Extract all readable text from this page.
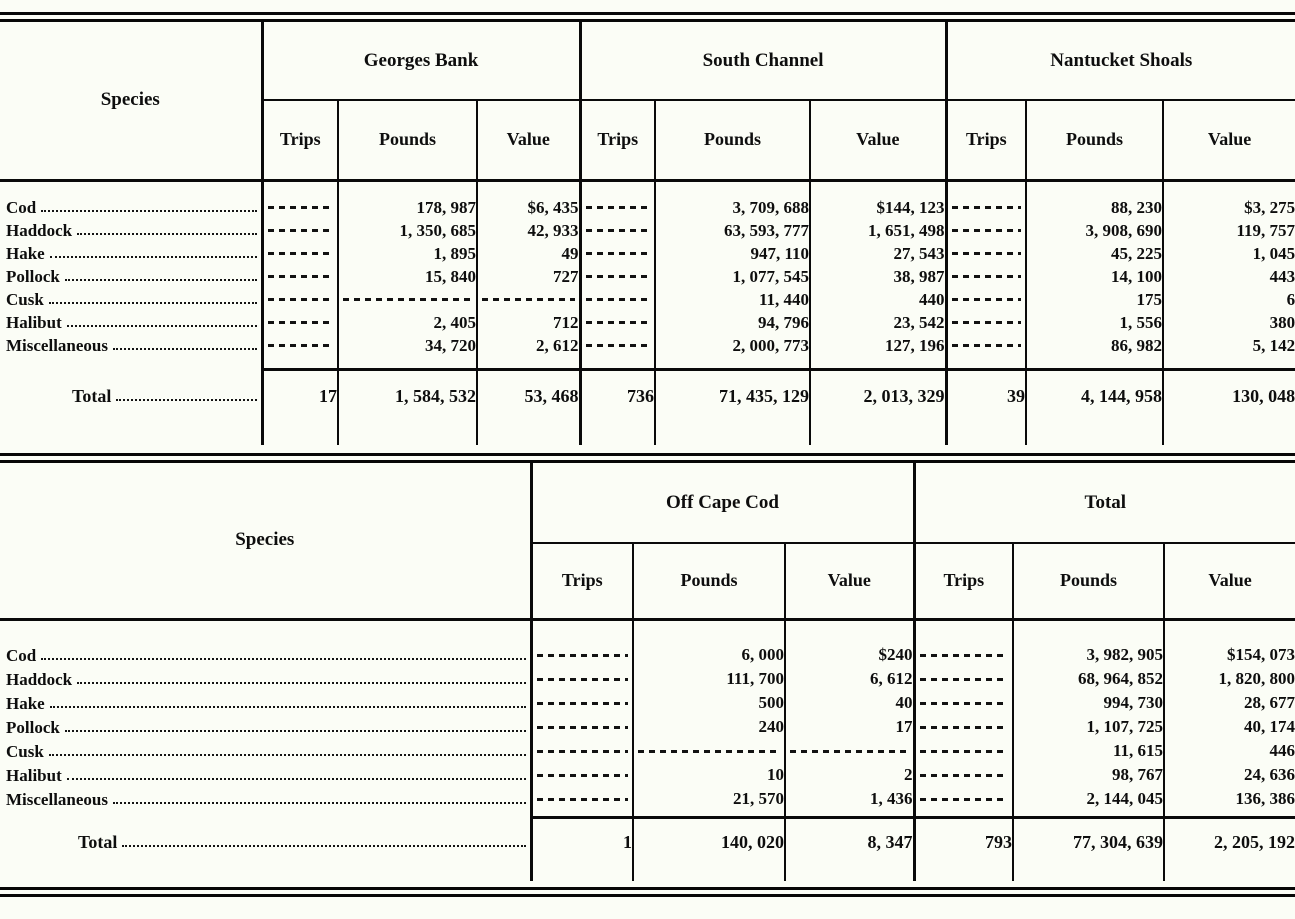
Species	Georges Bank			South Channel			Nantucket Shoals		
	Trips	Pounds	Value	Trips	Pounds	Value	Trips	Pounds	Value

Cod		178, 987	$6, 435		3, 709, 688	$144, 123		88, 230	$3, 275

Haddock		1, 350, 685	42, 933		63, 593, 777	1, 651, 498		3, 908, 690	119, 757

Hake		1, 895	49		947, 110	27, 543		45, 225	1, 045

Pollock		15, 840	727		1, 077, 545	38, 987		14, 100	443

Cusk					11, 440	440		175	6

Halibut		2, 405	712		94, 796	23, 542		1, 556	380

Miscellaneous		34, 720	2, 612		2, 000, 773	127, 196		86, 982	5, 142

Total	17	1, 584, 532	53, 468	736	71, 435, 129	2, 013, 329	39	4, 144, 958	130, 048
Species	Off Cape Cod			Total		
	Trips	Pounds	Value	Trips	Pounds	Value

Cod		6, 000	$240		3, 982, 905	$154, 073

Haddock		111, 700	6, 612		68, 964, 852	1, 820, 800

Hake		500	40		994, 730	28, 677

Pollock		240	17		1, 107, 725	40, 174

Cusk					11, 615	446

Halibut		10	2		98, 767	24, 636

Miscellaneous		21, 570	1, 436		2, 144, 045	136, 386

Total	1	140, 020	8, 347	793	77, 304, 639	2, 205, 192
